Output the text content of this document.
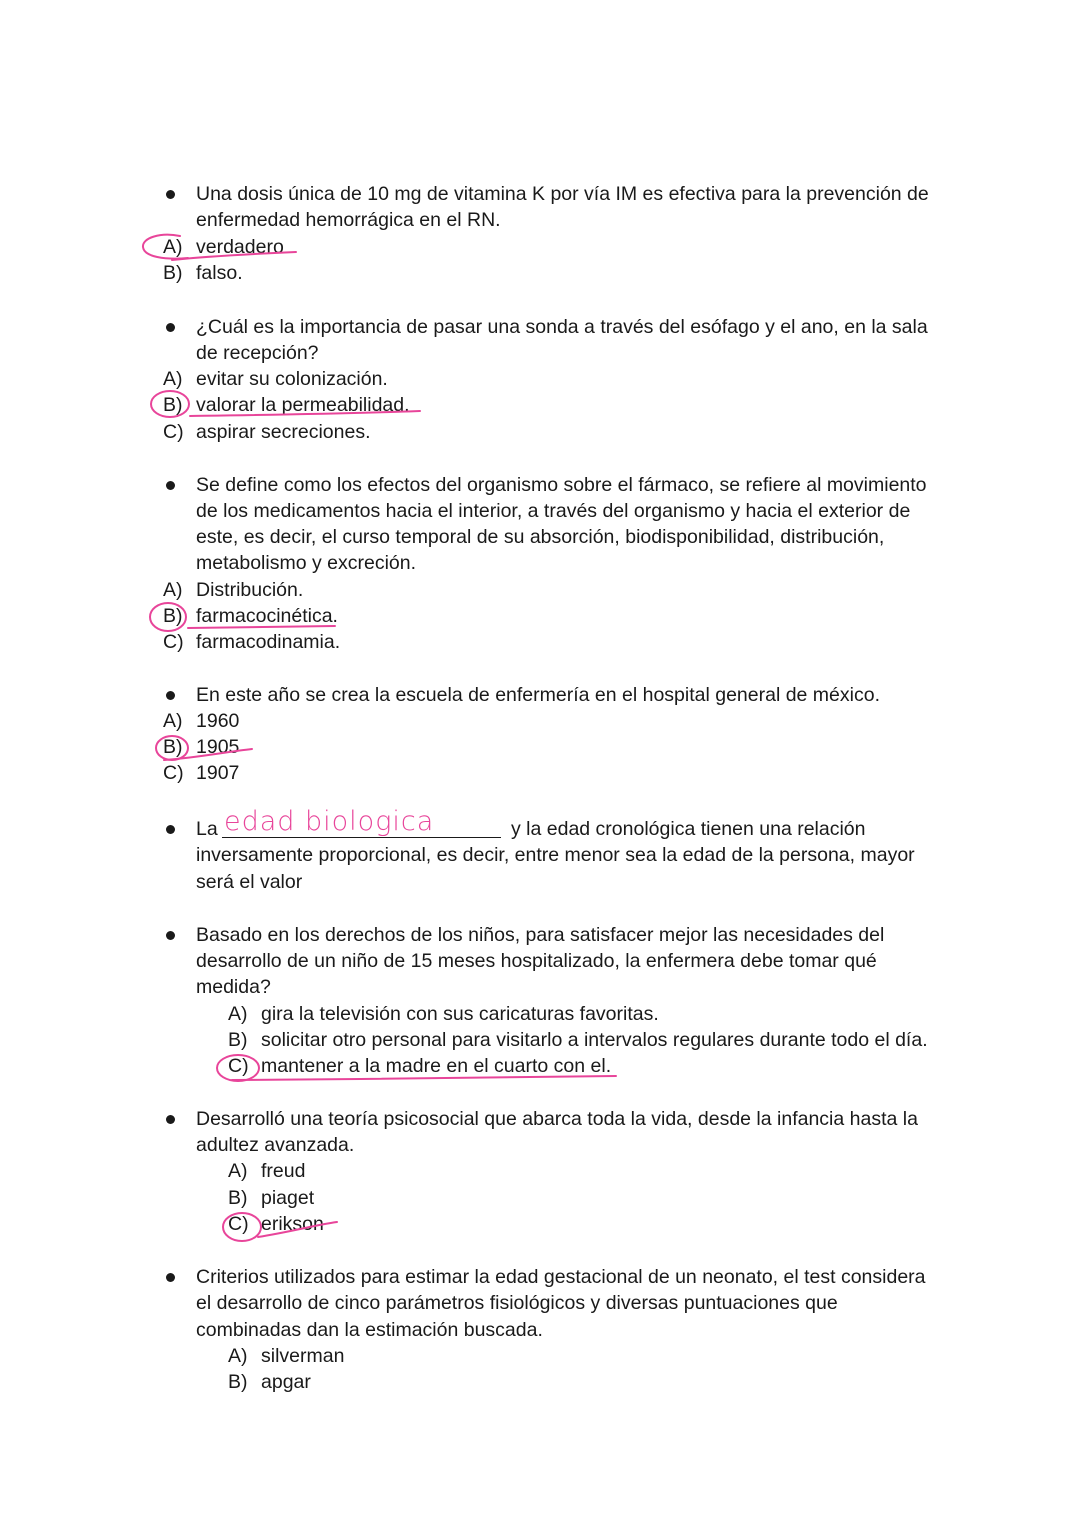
Una dosis única de 10 mg de vitamina K por vía IM es efectiva para la prevención de
enfermedad hemorrágica en el RN.
A) verdadero
B) falso.
¿Cuál es la importancia de pasar una sonda a través del esófago y el ano, en la sala
de recepción?
A) evitar su colonización.
B) valorar la permeabilidad.
C) aspirar secreciones.
Se define como los efectos del organismo sobre el fármaco, se refiere al movimiento
de los medicamentos hacia el interior, a través del organismo y hacia el exterior de
este, es decir, el curso temporal de su absorción, biodisponibilidad, distribución,
metabolismo y excreción.
A) Distribución.
B) farmacocinética.
C) farmacodinamia.
En este año se crea la escuela de enfermería en el hospital general de méxico.
A) 1960
B) 1905
C) 1907
La edad biologica	y la edad cronológica tienen una relación
inversamente proporcional, es decir, entre menor sea la edad de la persona, mayor
será el valor
Basado en los derechos de los niños, para satisfacer mejor las necesidades del
desarrollo de un niño de 15 meses hospitalizado, la enfermera debe tomar qué
medida?
A) gira la televisión con sus caricaturas favoritas.
B) solicitar otro personal para visitarlo a intervalos regulares durante todo el día.
C) mantener a la madre en el cuarto con el.
Desarrolló una teoría psicosocial que abarca toda la vida, desde la infancia hasta la
adultez avanzada.
A) freud
B) piaget
C) erikson
Criterios utilizados para estimar la edad gestacional de un neonato, el test considera
el desarrollo de cinco parámetros fisiológicos y diversas puntuaciones que
combinadas dan la estimación buscada.
A) silverman
B) apgar
